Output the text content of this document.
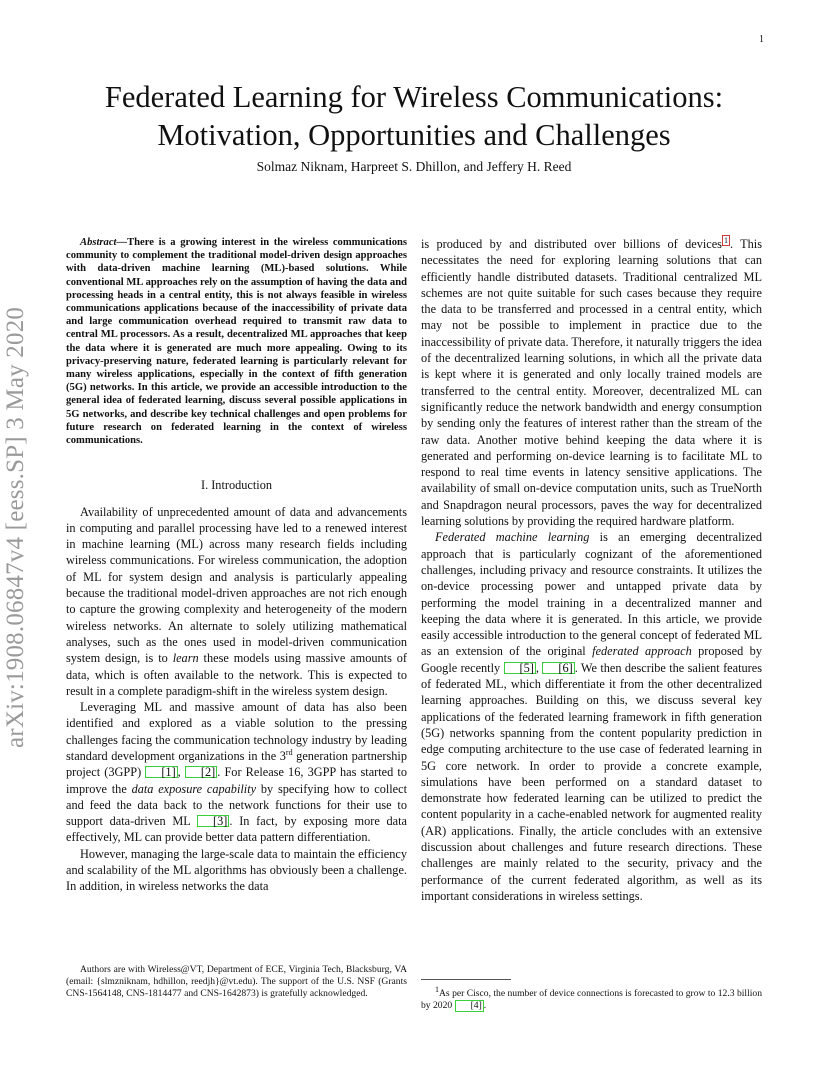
1
arXiv:1908.06847v4 [eess.SP] 3 May 2020
Federated Learning for Wireless Communications:
Motivation, Opportunities and Challenges
Solmaz Niknam, Harpreet S. Dhillon, and Jeffery H. Reed

Abstract—There is a growing interest in the wireless communications community to complement the traditional model-driven design approaches with data-driven machine learning (ML)-based solutions. While conventional ML approaches rely on the assumption of having the data and processing heads in a central entity, this is not always feasible in wireless communications applications because of the inaccessibility of private data and large communication overhead required to transmit raw data to central ML processors. As a result, decentralized ML approaches that keep the data where it is generated are much more appealing. Owing to its privacy-preserving nature, federated learning is particularly relevant for many wireless applications, especially in the context of fifth generation (5G) networks. In this article, we provide an accessible introduction to the general idea of federated learning, discuss several possible applications in 5G networks, and describe key technical challenges and open problems for future research on federated learning in the context of wireless communications.

I. Introduction

Availability of unprecedented amount of data and advancements in computing and parallel processing have led to a renewed interest in machine learning (ML) across many research fields including wireless communications. For wireless communication, the adoption of ML for system design and analysis is particularly appealing because the traditional model-driven approaches are not rich enough to capture the growing complexity and heterogeneity of the modern wireless networks. An alternate to solely utilizing mathematical analyses, such as the ones used in model-driven communication system design, is to learn these models using massive amounts of data, which is often available to the network. This is expected to result in a complete paradigm-shift in the wireless system design.

Leveraging ML and massive amount of data has also been identified and explored as a viable solution to the pressing challenges facing the communication technology industry by leading standard development organizations in the 3rd generation partnership project (3GPP) [1] , [2] . For Release 16, 3GPP has started to improve the data exposure capability by specifying how to collect and feed the data back to the network functions for their use to support data-driven ML [3] . In fact, by exposing more data effectively, ML can provide better data pattern differentiation.

However, managing the large-scale data to maintain the efficiency and scalability of the ML algorithms has obviously been a challenge. In addition, in wireless networks the data

is produced by and distributed over billions of devices $^1$ . This necessitates the need for exploring learning solutions that can efficiently handle distributed datasets. Traditional centralized ML schemes are not quite suitable for such cases because they require the data to be transferred and processed in a central entity, which may not be possible to implement in practice due to the inaccessibility of private data. Therefore, it naturally triggers the idea of the decentralized learning solutions, in which all the private data is kept where it is generated and only locally trained models are transferred to the central entity. Moreover, decentralized ML can significantly reduce the network bandwidth and energy consumption by sending only the features of interest rather than the stream of the raw data. Another motive behind keeping the data where it is generated and performing on-device learning is to facilitate ML to respond to real time events in latency sensitive applications. The availability of small on-device computation units, such as TrueNorth and Snapdragon neural processors, paves the way for decentralized learning solutions by providing the required hardware platform.

Federated machine learning is an emerging decentralized approach that is particularly cognizant of the aforementioned challenges, including privacy and resource constraints. It utilizes the on-device processing power and untapped private data by performing the model training in a decentralized manner and keeping the data where it is generated. In this article, we provide easily accessible introduction to the general concept of federated ML as an extension of the original federated approach proposed by Google recently [5] , [6] . We then describe the salient features of federated ML, which differentiate it from the other decentralized learning approaches. Building on this, we discuss several key applications of the federated learning framework in fifth generation (5G) networks spanning from the content popularity prediction in edge computing architecture to the use case of federated learning in 5G core network. In order to provide a concrete example, simulations have been performed on a standard dataset to demonstrate how federated learning can be utilized to predict the content popularity in a cache-enabled network for augmented reality (AR) applications. Finally, the article concludes with an extensive discussion about challenges and future research directions. These challenges are mainly related to the security, privacy and the performance of the current federated algorithm, as well as its important considerations in wireless settings.

Authors are with Wireless@VT, Department of ECE, Virginia Tech, Blacksburg, VA (email: {slmzniknam, hdhillon, reedjh}@vt.edu). The support of the U.S. NSF (Grants CNS-1564148, CNS-1814477 and CNS-1642873) is gratefully acknowledged.	$^1$As per Cisco, the number of device connections is forecasted to grow to 12.3 billion by 2020 [4] .
